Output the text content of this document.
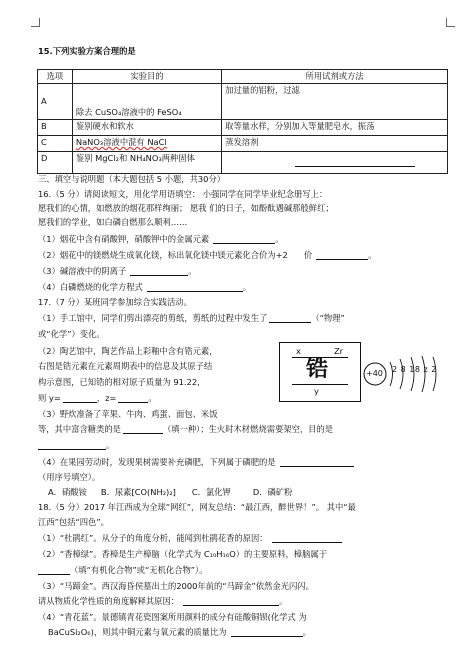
15.下列实验方案合理的是
选项	实验目的	所用试剂或方法
A	除去 CuSO₄溶液中的 FeSO₄	加过量的铝粉，过滤
B	鉴别硬水和软水	取等量水样，分别加入等量肥皂水，振荡
C	NaNO₃溶液中混有 NaCl	蒸发溶剂
D	鉴别 MgCl₂和 NH₄NO₃两种固体	
三、填空与说明题（本大题包括 5 小题，共30分）
16.（5 分）请阅读短文，用化学用语填空： 小强同学在同学毕业纪念册写上：
愿我们的心情，如燃放的烟花那样绚丽； 愿我 们的日子，如酚酞遇碱那般鲜红；
愿我们的学业，如白磷自燃那么顺利……
（1）烟花中含有硝酸钾，硝酸钾中的金属元素	。
（2）烟花中的镁燃烧生成氧化镁，标出氧化镁中镁元素化合价为+2 价	。
（3）碱溶液中的阴离子	。
（4）白磷燃烧的化学方程式	。
17.（7 分）某班同学参加综合实践活动。
（1）手工馆中，同学们剪出漂亮的剪纸，剪纸的过程中发生了	（“物理”
或“化学”）变化。
（2）陶艺馆中，陶艺作品上彩釉中含有锆元素，
右图是锆元素在元素周期表中的信息及其原子结
构示意图，已知锆的相对原子质量为 91.22,
则 y=	，z=	。
（3）野炊准备了苹果、牛肉、鸡蛋、面包、米饭
等，其中富含糖类的是	（填一种）；生火时木材燃烧需要架空，目的是
。
（4）在果园劳动时，发现果树需要补充磷肥，下列属于磷肥的是
（用序号填空）。
A．硝酸铵 B．尿素[CO(NH₂)₂] C．氯化钾	D．磷矿粉
x	Zr
锆
y
+40 2 8 18 z 2
18.（5 分）2017 年江西成为全球“网红”，网友总结：“最江西，醉世界！”。 其中“最
江西”包括“四色”。
（1）“杜鹃红”。从分子的角度分析，能闻到杜鹃花香的原因：
（2）“香樟绿”。香樟是生产樟脑（化学式为 C₁₀H₁₆O）的主要原料，樟脑属于
（填“有机化合物”或“无机化合物”）。
（3）“马蹄金”。西汉海昏侯墓出土的2000年前的“马蹄金”依然金光闪闪。
请从物质化学性质的角度解释其原因：	。
（4）“青花蓝”。景德镇青花瓷图案所用颜料的成分有硅酸铜钡(化学式 为
BaCuSi₂O₆)，则其中铜元素与氧元素的质量比为	。
